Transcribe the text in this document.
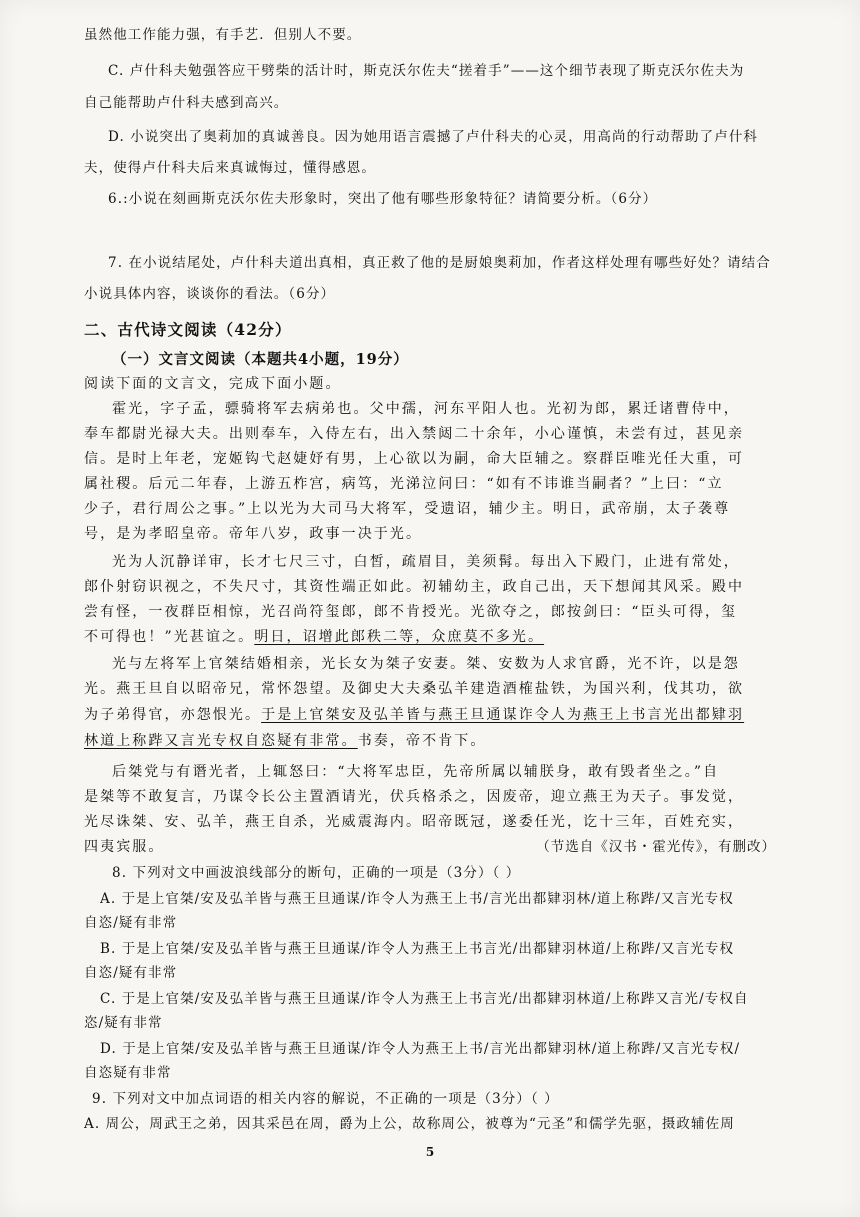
虽然他工作能力强，有手艺．但别人不要。
C. 卢什科夫勉强答应干劈柴的活计时，斯克沃尔佐夫“搓着手”——这个细节表现了斯克沃尔佐夫为
自己能帮助卢什科夫感到高兴。
D. 小说突出了奥莉加的真诚善良。因为她用语言震撼了卢什科夫的心灵，用高尚的行动帮助了卢什科
夫，使得卢什科夫后来真诚悔过，懂得感恩。
6.:小说在刻画斯克沃尔佐夫形象时，突出了他有哪些形象特征？请简要分析。（6分）
7. 在小说结尾处，卢什科夫道出真相，真正救了他的是厨娘奥莉加，作者这样处理有哪些好处？请结合
小说具体内容，谈谈你的看法。（6分）
二、古代诗文阅读（42分）
（一）文言文阅读（本题共4小题，19分）
阅读下面的文言文，完成下面小题。
霍光，字子孟，骠骑将军去病弟也。父中孺，河东平阳人也。光初为郎，累迁诸曹侍中，
奉车都尉光禄大夫。出则奉车，入侍左右，出入禁闼二十余年，小心谨慎，未尝有过，甚见亲
信。是时上年老，宠姬钩弋赵婕妤有男，上心欲以为嗣，命大臣辅之。察群臣唯光任大重，可
属社稷。后元二年春，上游五柞宫，病笃，光涕泣问曰：“如有不讳谁当嗣者？”上曰：“立
少子，君行周公之事。”上以光为大司马大将军，受遗诏，辅少主。明日，武帝崩，太子袭尊
号，是为孝昭皇帝。帝年八岁，政事一决于光。
光为人沉静详审，长才七尺三寸，白皙，疏眉目，美须髯。每出入下殿门，止进有常处，
郎仆射窃识视之，不失尺寸，其资性端正如此。初辅幼主，政自己出，天下想闻其风采。殿中
尝有怪，一夜群臣相惊，光召尚符玺郎，郎不肯授光。光欲夺之，郎按剑曰：“臣头可得，玺
不可得也！”光甚谊之。明日，诏增此郎秩二等，众庶莫不多光。
光与左将军上官桀结婚相亲，光长女为桀子安妻。桀、安数为人求官爵，光不许，以是怨
光。燕王旦自以昭帝兄，常怀怨望。及御史大夫桑弘羊建造酒榷盐铁，为国兴利，伐其功，欲
为子弟得官，亦怨恨光。于是上官桀安及弘羊皆与燕王旦通谋诈令人为燕王上书言光出都肄羽
林道上称跸又言光专权自恣疑有非常。书奏，帝不肯下。
后桀党与有谮光者，上辄怒曰：“大将军忠臣，先帝所属以辅朕身，敢有毁者坐之。”自
是桀等不敢复言，乃谋令长公主置酒请光，伏兵格杀之，因废帝，迎立燕王为天子。事发觉，
光尽诛桀、安、弘羊，燕王自杀，光威震海内。昭帝既冠，遂委任光，讫十三年，百姓充实，
四夷宾服。	（节选自《汉书・霍光传》，有删改）
8. 下列对文中画波浪线部分的断句，正确的一项是（3分）（ ）
A. 于是上官桀/安及弘羊皆与燕王旦通谋/诈令人为燕王上书/言光出都肄羽林/道上称跸/又言光专权
自恣/疑有非常
B. 于是上官桀/安及弘羊皆与燕王旦通谋/诈令人为燕王上书言光/出都肄羽林道/上称跸/又言光专权
自恣/疑有非常
C. 于是上官桀/安及弘羊皆与燕王旦通谋/诈令人为燕王上书言光/出都肄羽林道/上称跸又言光/专权自
恣/疑有非常
D. 于是上官桀/安及弘羊皆与燕王旦通谋/诈令人为燕王上书/言光出都肄羽林/道上称跸/又言光专权/
自恣疑有非常
9. 下列对文中加点词语的相关内容的解说，不正确的一项是（3分）（ ）
A. 周公，周武王之弟，因其采邑在周，爵为上公，故称周公，被尊为“元圣”和儒学先驱，摄政辅佐周
5
